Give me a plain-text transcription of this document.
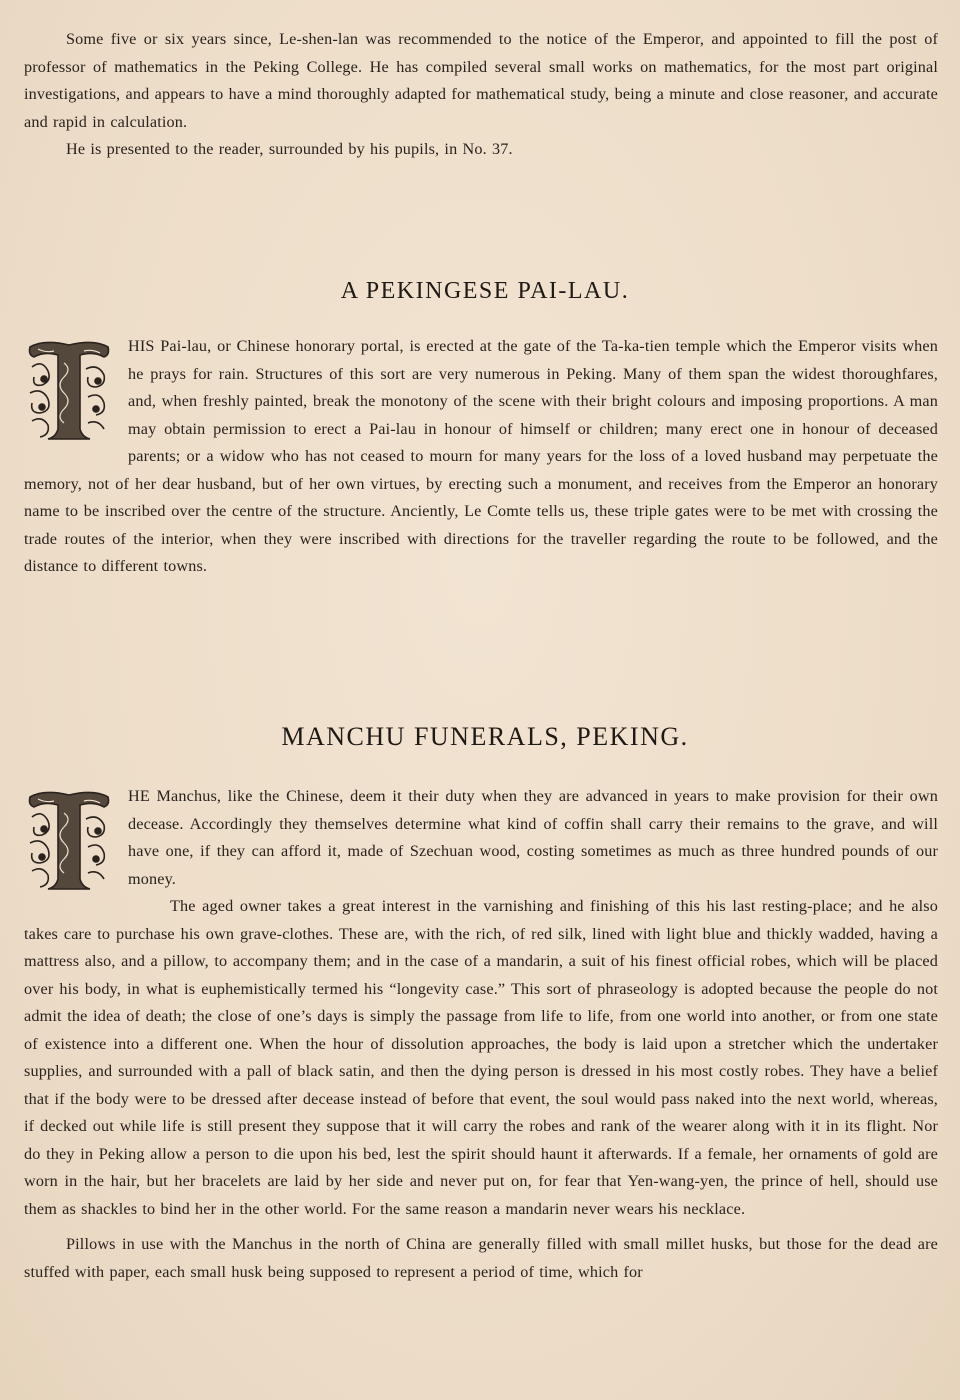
Some five or six years since, Le-shen-lan was recommended to the notice of the Emperor, and appointed to fill the post of professor of mathematics in the Peking College. He has compiled several small works on mathematics, for the most part original investigations, and appears to have a mind thoroughly adapted for mathematical study, being a minute and close reasoner, and accurate and rapid in calculation.

He is presented to the reader, surrounded by his pupils, in No. 37.

A PEKINGESE PAI-LAU.

HIS Pai-lau, or Chinese honorary portal, is erected at the gate of the Ta-ka-tien temple which the Emperor visits when he prays for rain. Structures of this sort are very numerous in Peking. Many of them span the widest thoroughfares, and, when freshly painted, break the monotony of the scene with their bright colours and imposing proportions. A man may obtain permission to erect a Pai-lau in honour of himself or children; many erect one in honour of deceased parents; or a widow who has not ceased to mourn for many years for the loss of a loved husband may perpetuate the memory, not of her dear husband, but of her own virtues, by erecting such a monument, and receives from the Emperor an honorary name to be inscribed over the centre of the structure. Anciently, Le Comte tells us, these triple gates were to be met with crossing the trade routes of the interior, when they were inscribed with directions for the traveller regarding the route to be followed, and the distance to different towns.

MANCHU FUNERALS, PEKING.

HE Manchus, like the Chinese, deem it their duty when they are advanced in years to make provision for their own decease. Accordingly they themselves determine what kind of coffin shall carry their remains to the grave, and will have one, if they can afford it, made of Szechuan wood, costing sometimes as much as three hundred pounds of our money.

The aged owner takes a great interest in the varnishing and finishing of this his last resting-place; and he also takes care to purchase his own grave-clothes. These are, with the rich, of red silk, lined with light blue and thickly wadded, having a mattress also, and a pillow, to accompany them; and in the case of a mandarin, a suit of his finest official robes, which will be placed over his body, in what is euphemistically termed his “longevity case.” This sort of phraseology is adopted because the people do not admit the idea of death; the close of one’s days is simply the passage from life to life, from one world into another, or from one state of existence into a different one. When the hour of dissolution approaches, the body is laid upon a stretcher which the undertaker supplies, and surrounded with a pall of black satin, and then the dying person is dressed in his most costly robes. They have a belief that if the body were to be dressed after decease instead of before that event, the soul would pass naked into the next world, whereas, if decked out while life is still present they suppose that it will carry the robes and rank of the wearer along with it in its flight. Nor do they in Peking allow a person to die upon his bed, lest the spirit should haunt it afterwards. If a female, her ornaments of gold are worn in the hair, but her bracelets are laid by her side and never put on, for fear that Yen-wang-yen, the prince of hell, should use them as shackles to bind her in the other world. For the same reason a mandarin never wears his necklace.

Pillows in use with the Manchus in the north of China are generally filled with small millet husks, but those for the dead are stuffed with paper, each small husk being supposed to represent a period of time, which for
